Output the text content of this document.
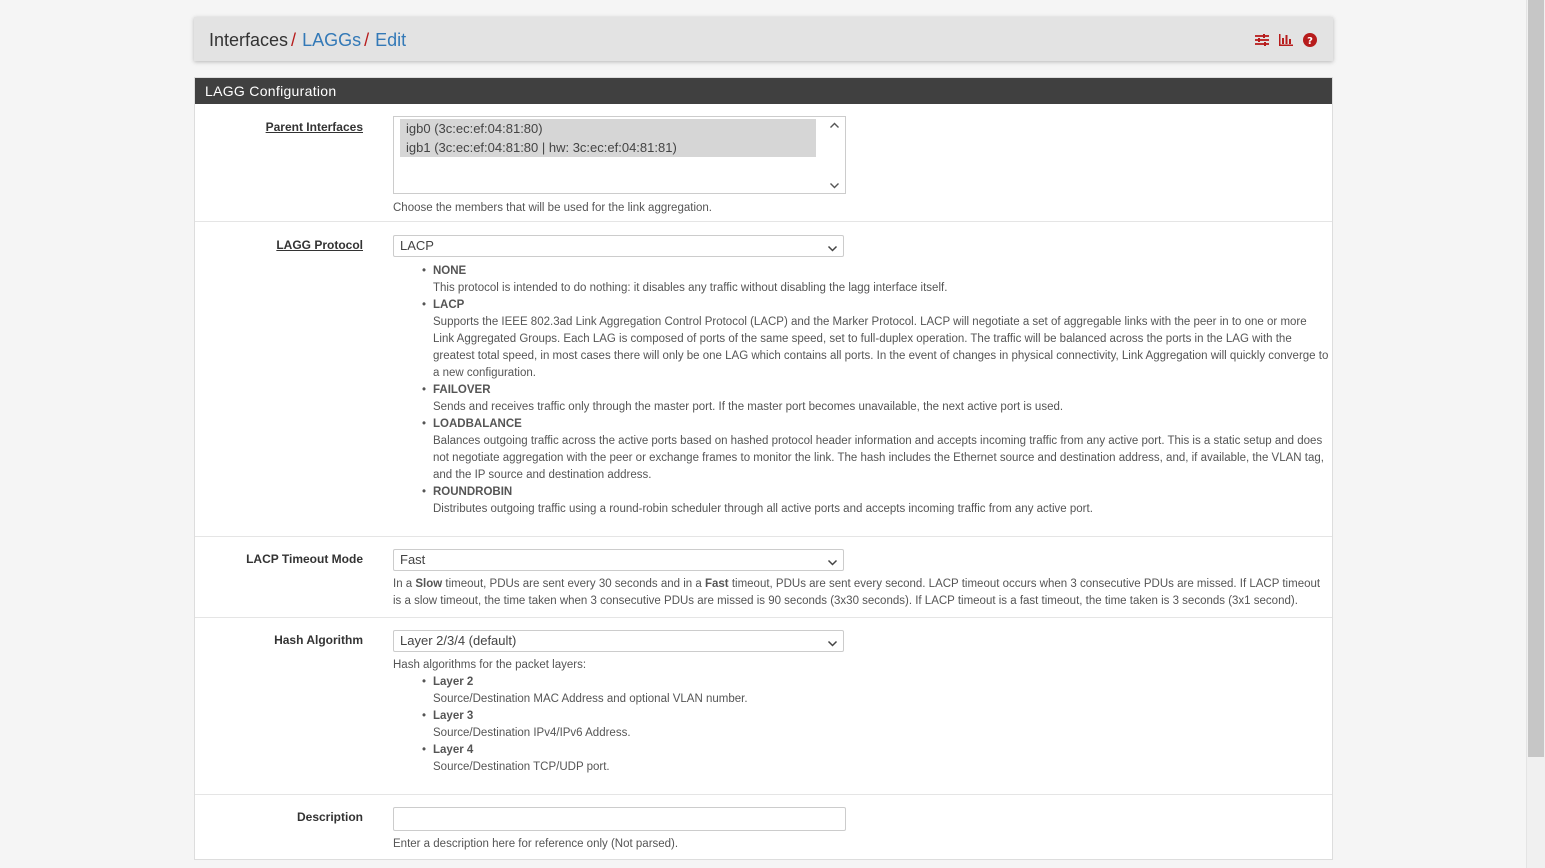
Interfaces / LAGGs / Edit	?
LAGG Configuration
Parent Interfaces	igb0 (3c:ec:ef:04:81:80)
igb1 (3c:ec:ef:04:81:80 | hw: 3c:ec:ef:04:81:81)
Choose the members that will be used for the link aggregation.
LAGG Protocol	LACP
• NONE
This protocol is intended to do nothing: it disables any traffic without disabling the lagg interface itself.
• LACP
Supports the IEEE 802.3ad Link Aggregation Control Protocol (LACP) and the Marker Protocol. LACP will negotiate a set of aggregable links with the peer in to one or more Link Aggregated Groups. Each LAG is composed of ports of the same speed, set to full-duplex operation. The traffic will be balanced across the ports in the LAG with the greatest total speed, in most cases there will only be one LAG which contains all ports. In the event of changes in physical connectivity, Link Aggregation will quickly converge to a new configuration.
• FAILOVER
Sends and receives traffic only through the master port. If the master port becomes unavailable, the next active port is used.
• LOADBALANCE
Balances outgoing traffic across the active ports based on hashed protocol header information and accepts incoming traffic from any active port. This is a static setup and does not negotiate aggregation with the peer or exchange frames to monitor the link. The hash includes the Ethernet source and destination address, and, if available, the VLAN tag, and the IP source and destination address.
• ROUNDROBIN
Distributes outgoing traffic using a round-robin scheduler through all active ports and accepts incoming traffic from any active port.
LACP Timeout Mode	Fast
In a Slow timeout, PDUs are sent every 30 seconds and in a Fast timeout, PDUs are sent every second. LACP timeout occurs when 3 consecutive PDUs are missed. If LACP timeout is a slow timeout, the time taken when 3 consecutive PDUs are missed is 90 seconds (3x30 seconds). If LACP timeout is a fast timeout, the time taken is 3 seconds (3x1 second).
Hash Algorithm	Layer 2/3/4 (default)
Hash algorithms for the packet layers:
• Layer 2
Source/Destination MAC Address and optional VLAN number.
• Layer 3
Source/Destination IPv4/IPv6 Address.
• Layer 4
Source/Destination TCP/UDP port.
Description
Enter a description here for reference only (Not parsed).
